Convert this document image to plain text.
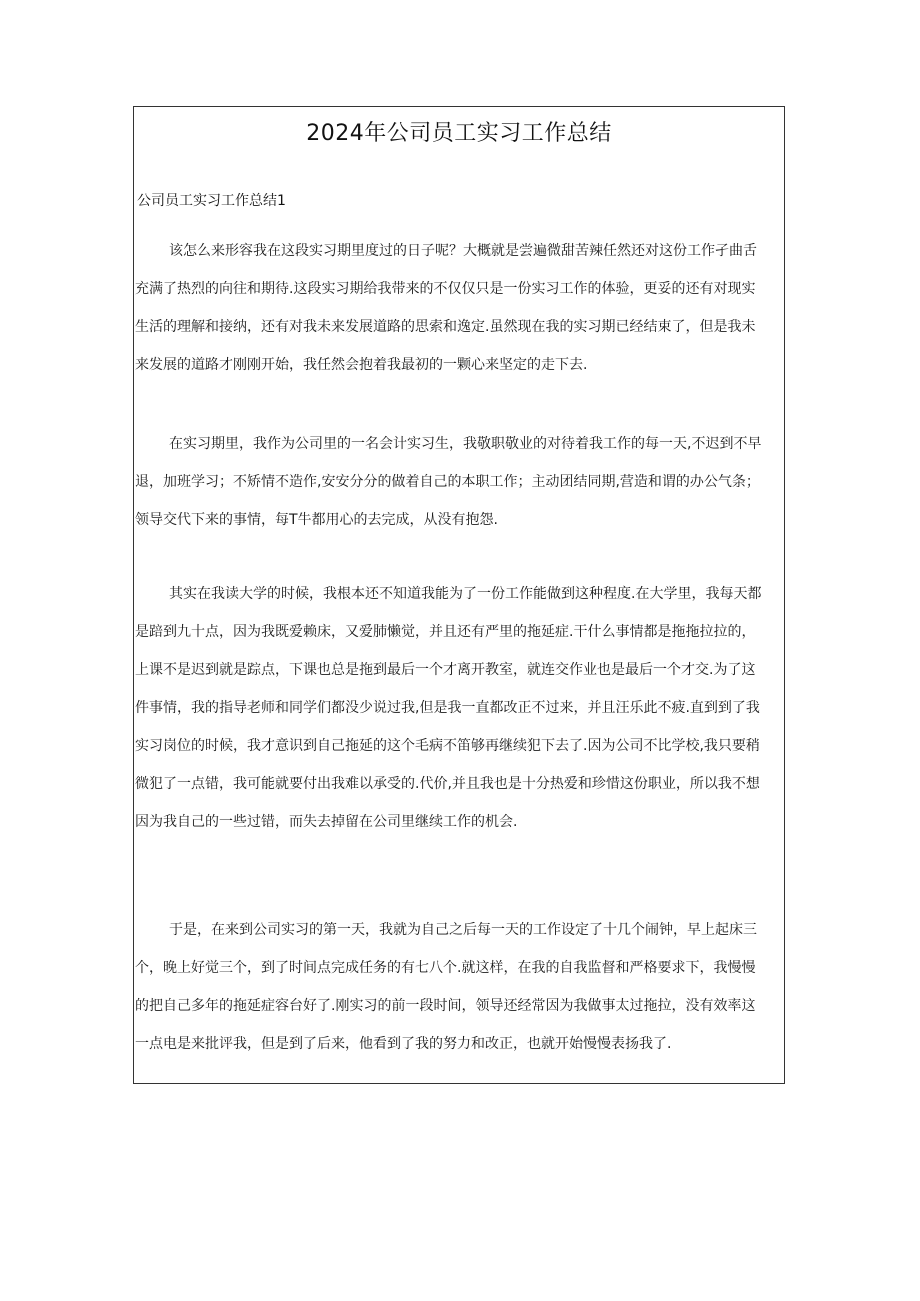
2024年公司员工实习工作总结
公司员工实习工作总结1
该怎么来形容我在这段实习期里度过的日子呢？大概就是尝遍微甜苦辣任然还对这份工作孑曲舌
充满了热烈的向往和期待.这段实习期给我带来的不仅仅只是一份实习工作的体验，更妥的还有对现实
生活的理解和接纳，还有对我未来发展道路的思索和逸定.虽然现在我的实习期已经结束了，但是我未
来发展的道路才刚刚开始，我任然会抱着我最初的一颗心来坚定的走下去.
在实习期里，我作为公司里的一名会计实习生，我敬职敬业的对待着我工作的每一天,不迟到不早
退，加班学习；不矫情不造作,安安分分的做着自己的本职工作；主动团结同期,营造和谓的办公气条；
领导交代下来的事情，每T牛都用心的去完成，从没有抱怨.
其实在我读大学的时候，我根本还不知道我能为了一份工作能做到这种程度.在大学里，我每天都
是踣到九十点，因为我既爱赖床，又爱肺懒觉，并且还有严里的拖延症.干什么事情都是拖拖拉拉的，
上课不是迟到就是踪点，下课也总是拖到最后一个才离开教室，就连交作业也是最后一个才交.为了这
件事情，我的指导老师和同学们都没少说过我,但是我一直都改正不过来，并且汪乐此不疲.直到到了我
实习岗位的时候，我才意识到自己拖延的这个毛病不笛够再继续犯下去了.因为公司不比学校,我只要稍
微犯了一点错，我可能就要付出我难以承受的.代价,并且我也是十分热爱和珍惜这份职业，所以我不想
因为我自己的一些过错，而失去掉留在公司里继续工作的机会.
于是，在来到公司实习的第一天，我就为自己之后每一天的工作设定了十几个闹钟，早上起床三
个，晚上好觉三个，到了时间点完成任务的有七八个.就这样，在我的自我监督和严格要求下，我慢慢
的把自己多年的拖延症容台好了.刚实习的前一段时间，领导还经常因为我做事太过拖拉，没有效率这
一点电是来批评我，但是到了后来，他看到了我的努力和改正，也就开始慢慢表扬我了.
